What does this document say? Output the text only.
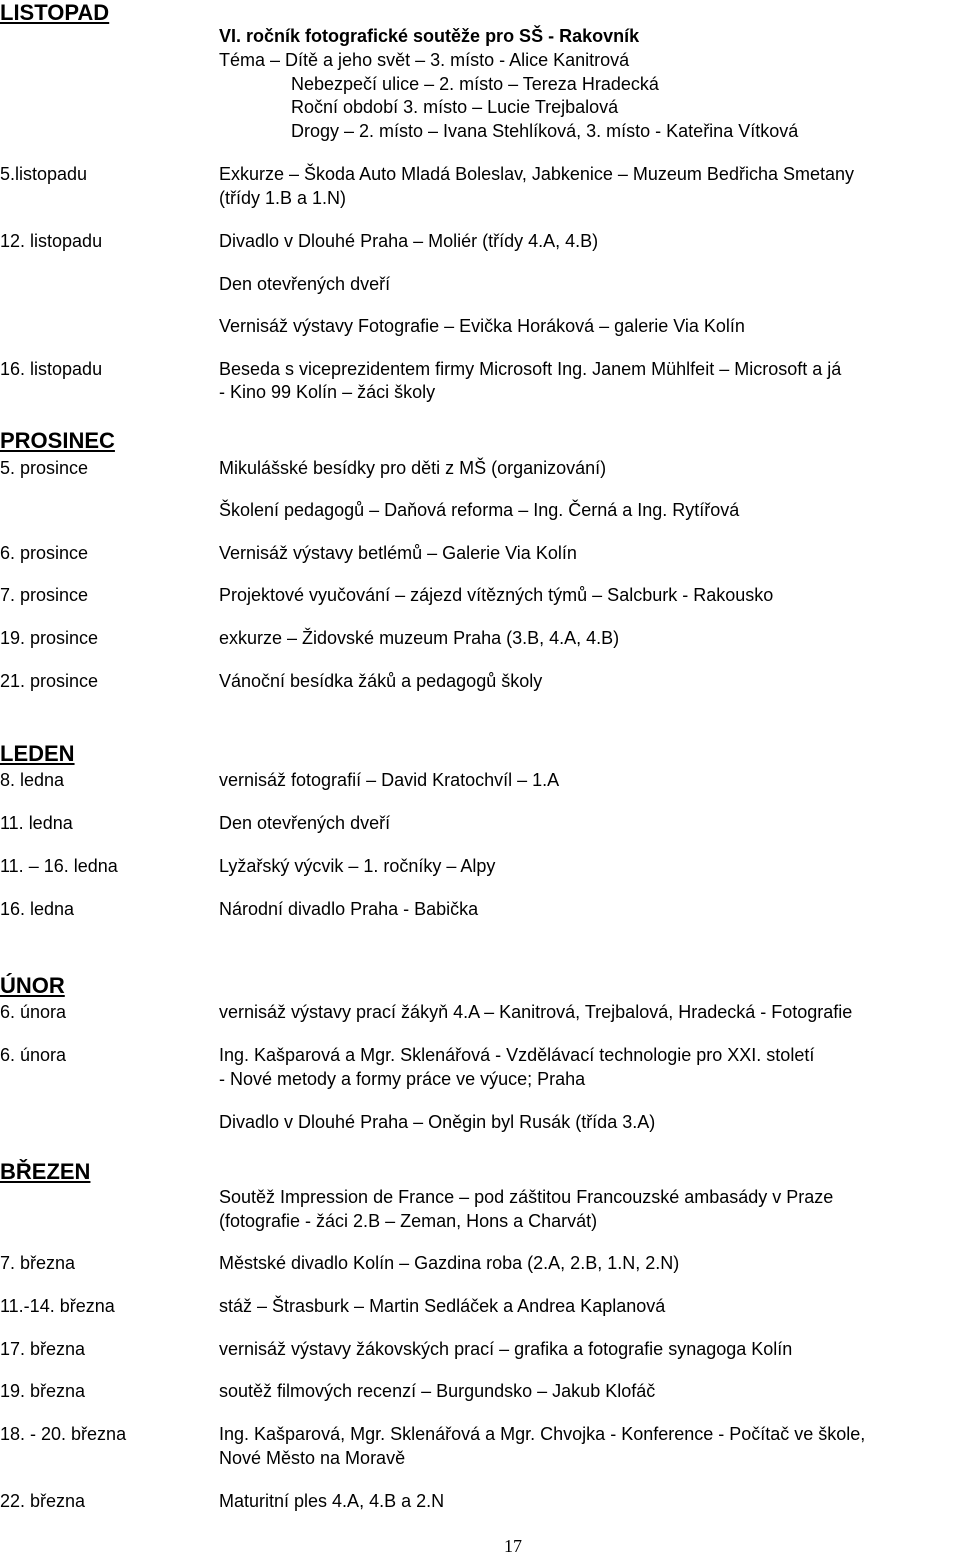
LISTOPAD
VI. ročník fotografické soutěže pro SŠ - Rakovník
Téma – Dítě a jeho svět – 3. místo - Alice Kanitrová
Nebezpečí ulice – 2. místo – Tereza Hradecká
Roční období 3. místo – Lucie Trejbalová
Drogy – 2. místo – Ivana Stehlíková, 3. místo - Kateřina Vítková
5.listopadu	Exkurze – Škoda Auto Mladá Boleslav, Jabkenice – Muzeum Bedřicha Smetany
(třídy 1.B a 1.N)
12. listopadu	Divadlo v Dlouhé Praha – Moliér (třídy 4.A, 4.B)
Den otevřených dveří
Vernisáž výstavy Fotografie – Evička Horáková – galerie Via Kolín
16. listopadu	Beseda s viceprezidentem firmy Microsoft Ing. Janem Mühlfeit – Microsoft a já
- Kino 99 Kolín – žáci školy
PROSINEC
5. prosince	Mikulášské besídky pro děti z MŠ (organizování)
Školení pedagogů – Daňová reforma – Ing. Černá a Ing. Rytířová
6. prosince	Vernisáž výstavy betlémů – Galerie Via Kolín
7. prosince	Projektové vyučování – zájezd vítězných týmů – Salcburk - Rakousko
19. prosince	exkurze – Židovské muzeum Praha (3.B, 4.A, 4.B)
21. prosince	Vánoční besídka žáků a pedagogů školy
LEDEN
8. ledna	vernisáž fotografií – David Kratochvíl – 1.A
11. ledna	Den otevřených dveří
11. – 16. ledna	Lyžařský výcvik – 1. ročníky – Alpy
16. ledna	Národní divadlo Praha - Babička
ÚNOR
6. února	vernisáž výstavy prací žákyň 4.A – Kanitrová, Trejbalová, Hradecká - Fotografie
6. února	Ing. Kašparová a Mgr. Sklenářová - Vzdělávací technologie pro XXI. století
- Nové metody a formy práce ve výuce; Praha
Divadlo v Dlouhé Praha – Oněgin byl Rusák (třída 3.A)
BŘEZEN
Soutěž Impression de France – pod záštitou Francouzské ambasády v Praze
(fotografie - žáci 2.B – Zeman, Hons a Charvát)
7. března	Městské divadlo Kolín – Gazdina roba (2.A, 2.B, 1.N, 2.N)
11.-14. března	stáž – Štrasburk – Martin Sedláček a Andrea Kaplanová
17. března	vernisáž výstavy žákovských prací – grafika a fotografie synagoga Kolín
19. března	soutěž filmových recenzí – Burgundsko – Jakub Klofáč
18. - 20. března	Ing. Kašparová, Mgr. Sklenářová a Mgr. Chvojka - Konference - Počítač ve škole,
Nové Město na Moravě
22. března	Maturitní ples 4.A, 4.B a 2.N
17
